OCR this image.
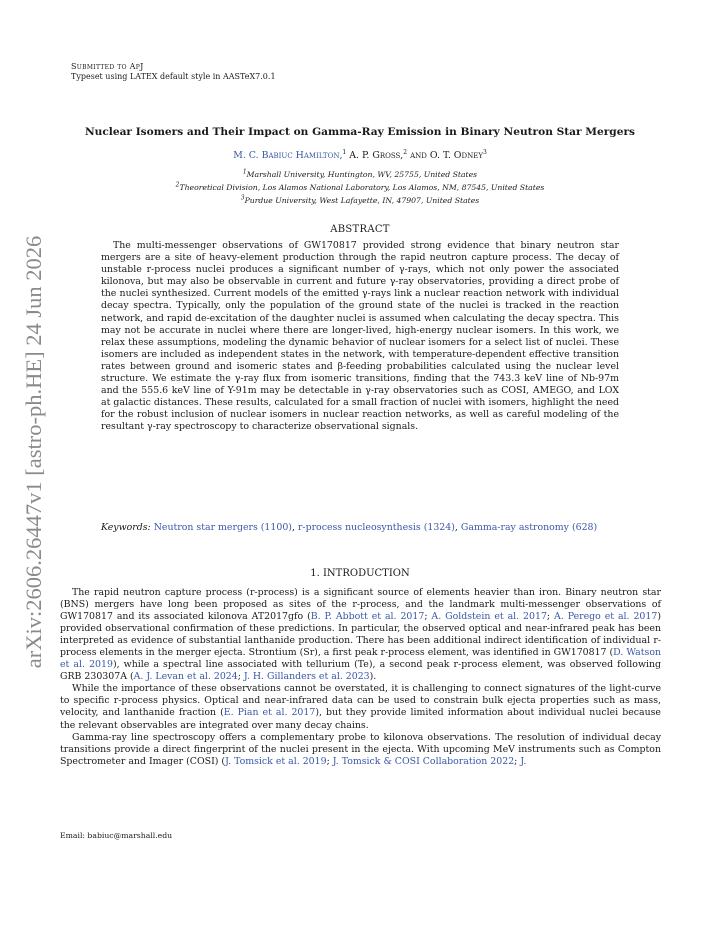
arXiv:2606.26447v1 [astro-ph.HE] 24 Jun 2026
Submitted to ApJ
Typeset using LATEX default style in AASTeX7.0.1
Nuclear Isomers and Their Impact on Gamma-Ray Emission in Binary Neutron Star Mergers
M. C. Babiuc Hamilton,$^1$ A. P. Gross,$^2$ and O. T. Odney$^3$
$^1$Marshall University, Huntington, WV, 25755, United States
$^2$Theoretical Division, Los Alamos National Laboratory, Los Alamos, NM, 87545, United States
$^3$Purdue University, West Lafayette, IN, 47907, United States
ABSTRACT
The multi-messenger observations of GW170817 provided strong evidence that binary neutron star mergers are a site of heavy-element production through the rapid neutron capture process. The decay of unstable r-process nuclei produces a significant number of γ-rays, which not only power the associated kilonova, but may also be observable in current and future γ-ray observatories, providing a direct probe of the nuclei synthesized. Current models of the emitted γ-rays link a nuclear reaction network with individual decay spectra. Typically, only the population of the ground state of the nuclei is tracked in the reaction network, and rapid de-excitation of the daughter nuclei is assumed when calculating the decay spectra. This may not be accurate in nuclei where there are longer-lived, high-energy nuclear isomers. In this work, we relax these assumptions, modeling the dynamic behavior of nuclear isomers for a select list of nuclei. These isomers are included as independent states in the network, with temperature-dependent effective transition rates between ground and isomeric states and β-feeding probabilities calculated using the nuclear level structure. We estimate the γ-ray flux from isomeric transitions, finding that the 743.3 keV line of Nb-97m and the 555.6 keV line of Y-91m may be detectable in γ-ray observatories such as COSI, AMEGO, and LOX at galactic distances. These results, calculated for a small fraction of nuclei with isomers, highlight the need for the robust inclusion of nuclear isomers in nuclear reaction networks, as well as careful modeling of the resultant γ-ray spectroscopy to characterize observational signals.
Keywords: Neutron star mergers (1100), r-process nucleosynthesis (1324), Gamma-ray astronomy (628)
1. INTRODUCTION

The rapid neutron capture process (r-process) is a significant source of elements heavier than iron. Binary neutron star (BNS) mergers have long been proposed as sites of the r-process, and the landmark multi-messenger observations of GW170817 and its associated kilonova AT2017gfo (B. P. Abbott et al. 2017; A. Goldstein et al. 2017; A. Perego et al. 2017) provided observational confirmation of these predictions. In particular, the observed optical and near-infrared peak has been interpreted as evidence of substantial lanthanide production. There has been additional indirect identification of individual r-process elements in the merger ejecta. Strontium (Sr), a first peak r-process element, was identified in GW170817 (D. Watson et al. 2019), while a spectral line associated with tellurium (Te), a second peak r-process element, was observed following GRB 230307A (A. J. Levan et al. 2024; J. H. Gillanders et al. 2023).

While the importance of these observations cannot be overstated, it is challenging to connect signatures of the light-curve to specific r-process physics. Optical and near-infrared data can be used to constrain bulk ejecta properties such as mass, velocity, and lanthanide fraction (E. Pian et al. 2017), but they provide limited information about individual nuclei because the relevant observables are integrated over many decay chains.

Gamma-ray line spectroscopy offers a complementary probe to kilonova observations. The resolution of individual decay transitions provide a direct fingerprint of the nuclei present in the ejecta. With upcoming MeV instruments such as Compton Spectrometer and Imager (COSI) (J. Tomsick et al. 2019; J. Tomsick & COSI Collaboration 2022; J.

Email: babiuc@marshall.edu
